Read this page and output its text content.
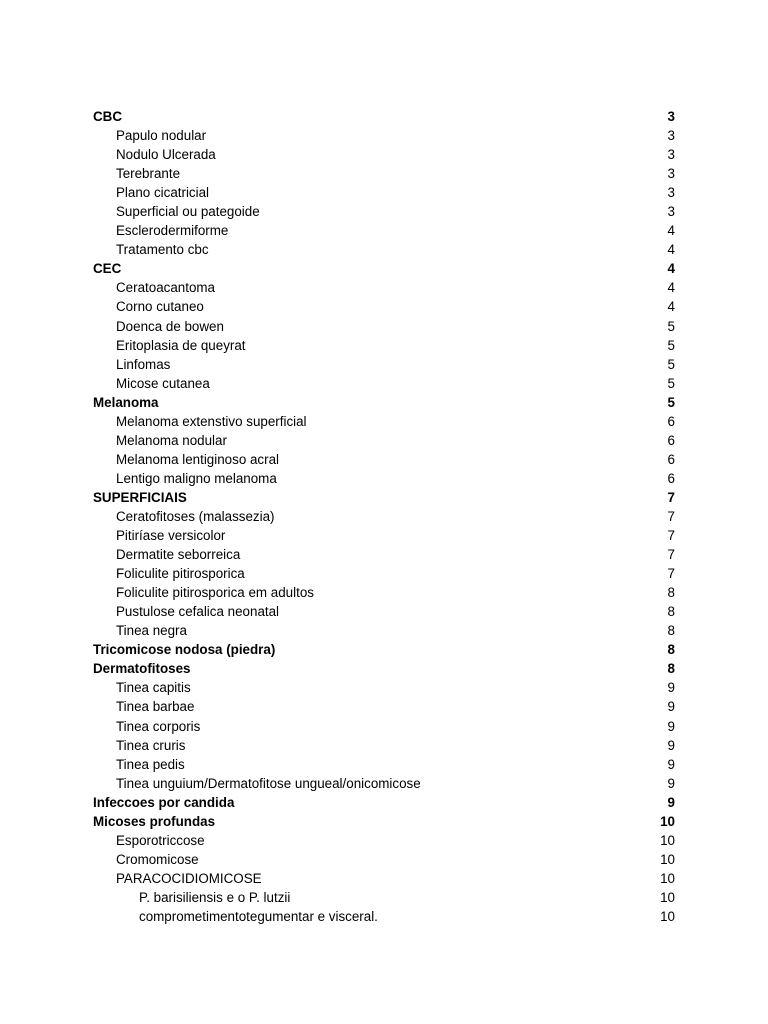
CBC	3
Papulo nodular	3
Nodulo Ulcerada	3
Terebrante	3
Plano cicatricial	3
Superficial ou pategoide	3
Esclerodermiforme	4
Tratamento cbc	4
CEC	4
Ceratoacantoma	4
Corno cutaneo	4
Doenca de bowen	5
Eritoplasia de queyrat	5
Linfomas	5
Micose cutanea	5
Melanoma	5
Melanoma extenstivo superficial	6
Melanoma nodular	6
Melanoma lentiginoso acral	6
Lentigo maligno melanoma	6
SUPERFICIAIS	7
Ceratofitoses (malassezia)	7
Pitiríase versicolor	7
Dermatite seborreica	7
Foliculite pitirosporica	7
Foliculite pitirosporica em adultos	8
Pustulose cefalica neonatal	8
Tinea negra	8
Tricomicose nodosa (piedra)	8
Dermatofitoses	8
Tinea capitis	9
Tinea barbae	9
Tinea corporis	9
Tinea cruris	9
Tinea pedis	9
Tinea unguium/Dermatofitose ungueal/onicomicose	9
Infeccoes por candida	9
Micoses profundas	10
Esporotriccose	10
Cromomicose	10
PARACOCIDIOMICOSE	10
P. barisiliensis e o P. lutzii	10
comprometimentotegumentar e visceral.	10
